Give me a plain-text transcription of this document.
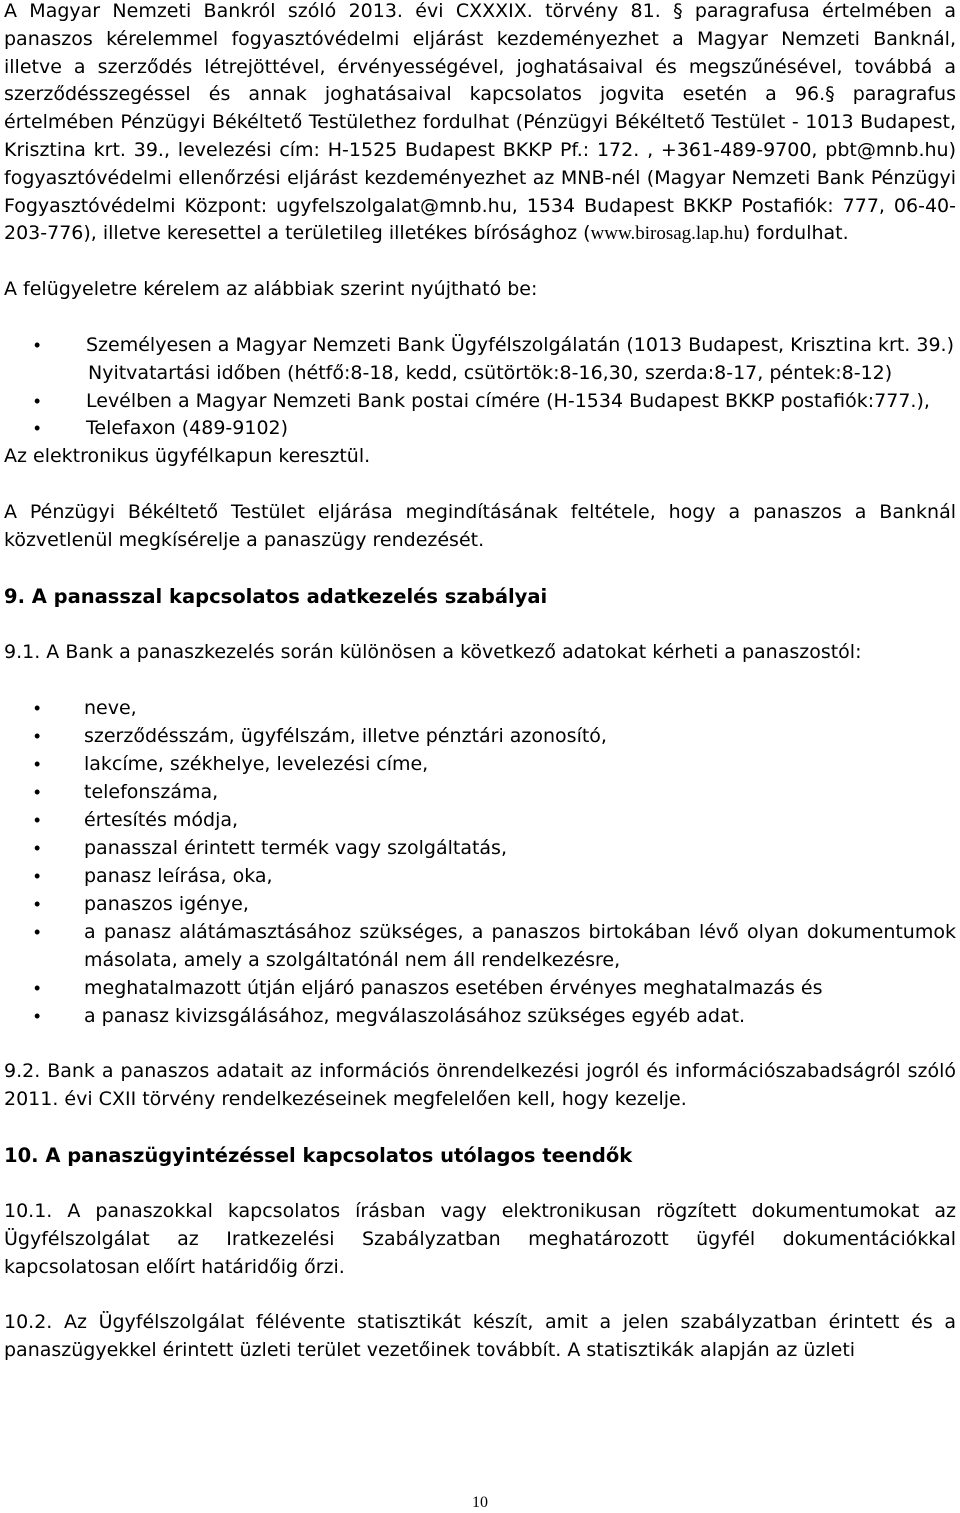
A Magyar Nemzeti Bankról szóló 2013. évi CXXXIX. törvény 81. § paragrafusa értelmében a panaszos kérelemmel fogyasztóvédelmi eljárást kezdeményezhet a Magyar Nemzeti Banknál, illetve a szerződés létrejöttével, érvényességével, joghatásaival és megszűnésével, továbbá a szerződésszegéssel és annak joghatásaival kapcsolatos jogvita esetén a 96.§ paragrafus értelmében Pénzügyi Békéltető Testülethez fordulhat (Pénzügyi Békéltető Testület - 1013 Budapest, Krisztina krt. 39., levelezési cím: H-1525 Budapest BKKP Pf.: 172. , +361-489-9700, pbt@mnb.hu) fogyasztóvédelmi ellenőrzési eljárást kezdeményezhet az MNB-nél (Magyar Nemzeti Bank Pénzügyi Fogyasztóvédelmi Központ: ugyfelszolgalat@mnb.hu, 1534 Budapest BKKP Postafiók: 777, 06-40-203-776), illetve keresettel a területileg illetékes bírósághoz (www.birosag.lap.hu) fordulhat.

A felügyeletre kérelem az alábbiak szerint nyújtható be:

• Személyesen a Magyar Nemzeti Bank Ügyfélszolgálatán (1013 Budapest, Krisztina krt. 39.)
Nyitvatartási időben (hétfő:8-18, kedd, csütörtök:8-16,30, szerda:8-17, péntek:8-12)
• Levélben a Magyar Nemzeti Bank postai címére (H-1534 Budapest BKKP postafiók:777.),
• Telefaxon (489-9102)

Az elektronikus ügyfélkapun keresztül.

A Pénzügyi Békéltető Testület eljárása megindításának feltétele, hogy a panaszos a Banknál közvetlenül megkísérelje a panaszügy rendezését.

9. A panasszal kapcsolatos adatkezelés szabályai

9.1. A Bank a panaszkezelés során különösen a következő adatokat kérheti a panaszostól:

• neve,
• szerződésszám, ügyfélszám, illetve pénztári azonosító,
• lakcíme, székhelye, levelezési címe,
• telefonszáma,
• értesítés módja,
• panasszal érintett termék vagy szolgáltatás,
• panasz leírása, oka,
• panaszos igénye,
• a panasz alátámasztásához szükséges, a panaszos birtokában lévő olyan dokumentumok másolata, amely a szolgáltatónál nem áll rendelkezésre,
• meghatalmazott útján eljáró panaszos esetében érvényes meghatalmazás és
• a panasz kivizsgálásához, megválaszolásához szükséges egyéb adat.

9.2. Bank a panaszos adatait az információs önrendelkezési jogról és információszabadságról szóló 2011. évi CXII törvény rendelkezéseinek megfelelően kell, hogy kezelje.

10. A panaszügyintézéssel kapcsolatos utólagos teendők

10.1. A panaszokkal kapcsolatos írásban vagy elektronikusan rögzített dokumentumokat az Ügyfélszolgálat az Iratkezelési Szabályzatban meghatározott ügyfél dokumentációkkal kapcsolatosan előírt határidőig őrzi.

10.2. Az Ügyfélszolgálat félévente statisztikát készít, amit a jelen szabályzatban érintett és a panaszügyekkel érintett üzleti terület vezetőinek továbbít. A statisztikák alapján az üzleti

10
